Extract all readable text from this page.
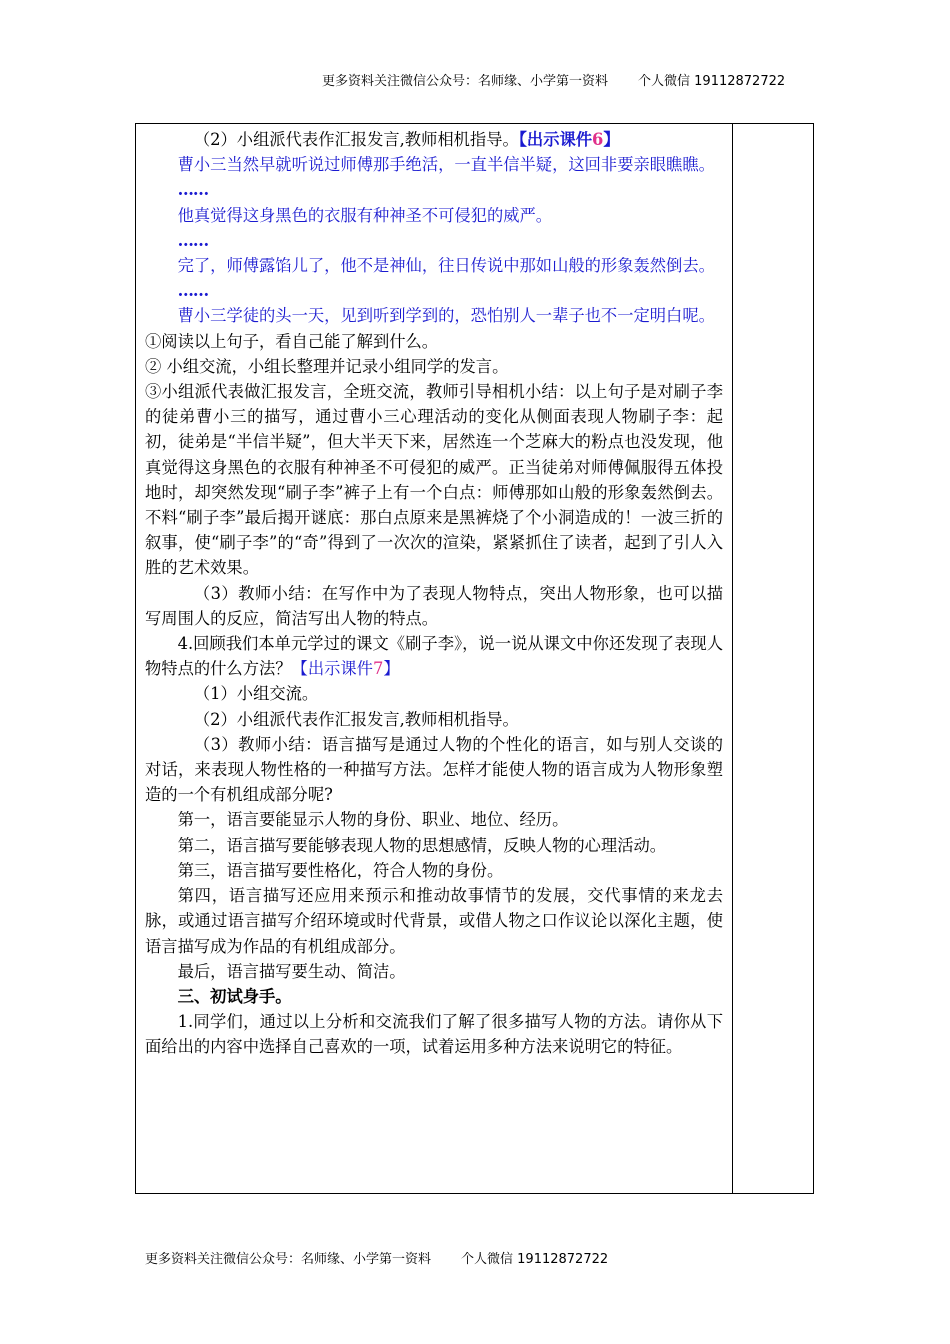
更多资料关注微信公众号：名师缘、小学第一资料 个人微信 19112872722

（2）小组派代表作汇报发言,教师相机指导。【出示课件6】

曹小三当然早就听说过师傅那手绝活，一直半信半疑，这回非要亲眼瞧瞧。

……

他真觉得这身黑色的衣服有种神圣不可侵犯的威严。

……

完了，师傅露馅儿了，他不是神仙，往日传说中那如山般的形象轰然倒去。

……

曹小三学徒的头一天，见到听到学到的，恐怕别人一辈子也不一定明白呢。

①阅读以上句子，看自己能了解到什么。

② 小组交流，小组长整理并记录小组同学的发言。

③小组派代表做汇报发言，全班交流，教师引导相机小结：以上句子是对刷子李的徒弟曹小三的描写，通过曹小三心理活动的变化从侧面表现人物刷子李：起初，徒弟是“半信半疑”，但大半天下来，居然连一个芝麻大的粉点也没发现，他真觉得这身黑色的衣服有种神圣不可侵犯的威严。正当徒弟对师傅佩服得五体投地时，却突然发现“刷子李”裤子上有一个白点：师傅那如山般的形象轰然倒去。不料“刷子李”最后揭开谜底：那白点原来是黑裤烧了个小洞造成的！一波三折的叙事，使“刷子李”的“奇”得到了一次次的渲染，紧紧抓住了读者，起到了引人入胜的艺术效果。

（3）教师小结：在写作中为了表现人物特点，突出人物形象，也可以描写周围人的反应，简洁写出人物的特点。

4.回顾我们本单元学过的课文《刷子李》，说一说从课文中你还发现了表现人物特点的什么方法？【出示课件7】

（1）小组交流。

（2）小组派代表作汇报发言,教师相机指导。

（3）教师小结：语言描写是通过人物的个性化的语言，如与别人交谈的对话，来表现人物性格的一种描写方法。怎样才能使人物的语言成为人物形象塑造的一个有机组成部分呢?

第一，语言要能显示人物的身份、职业、地位、经历。

第二，语言描写要能够表现人物的思想感情，反映人物的心理活动。

第三，语言描写要性格化，符合人物的身份。

第四，语言描写还应用来预示和推动故事情节的发展，交代事情的来龙去脉，或通过语言描写介绍环境或时代背景，或借人物之口作议论以深化主题，使语言描写成为作品的有机组成部分。

最后，语言描写要生动、简洁。

三、初试身手。

1.同学们，通过以上分析和交流我们了解了很多描写人物的方法。请你从下面给出的内容中选择自己喜欢的一项，试着运用多种方法来说明它的特征。

更多资料关注微信公众号：名师缘、小学第一资料 个人微信 19112872722
